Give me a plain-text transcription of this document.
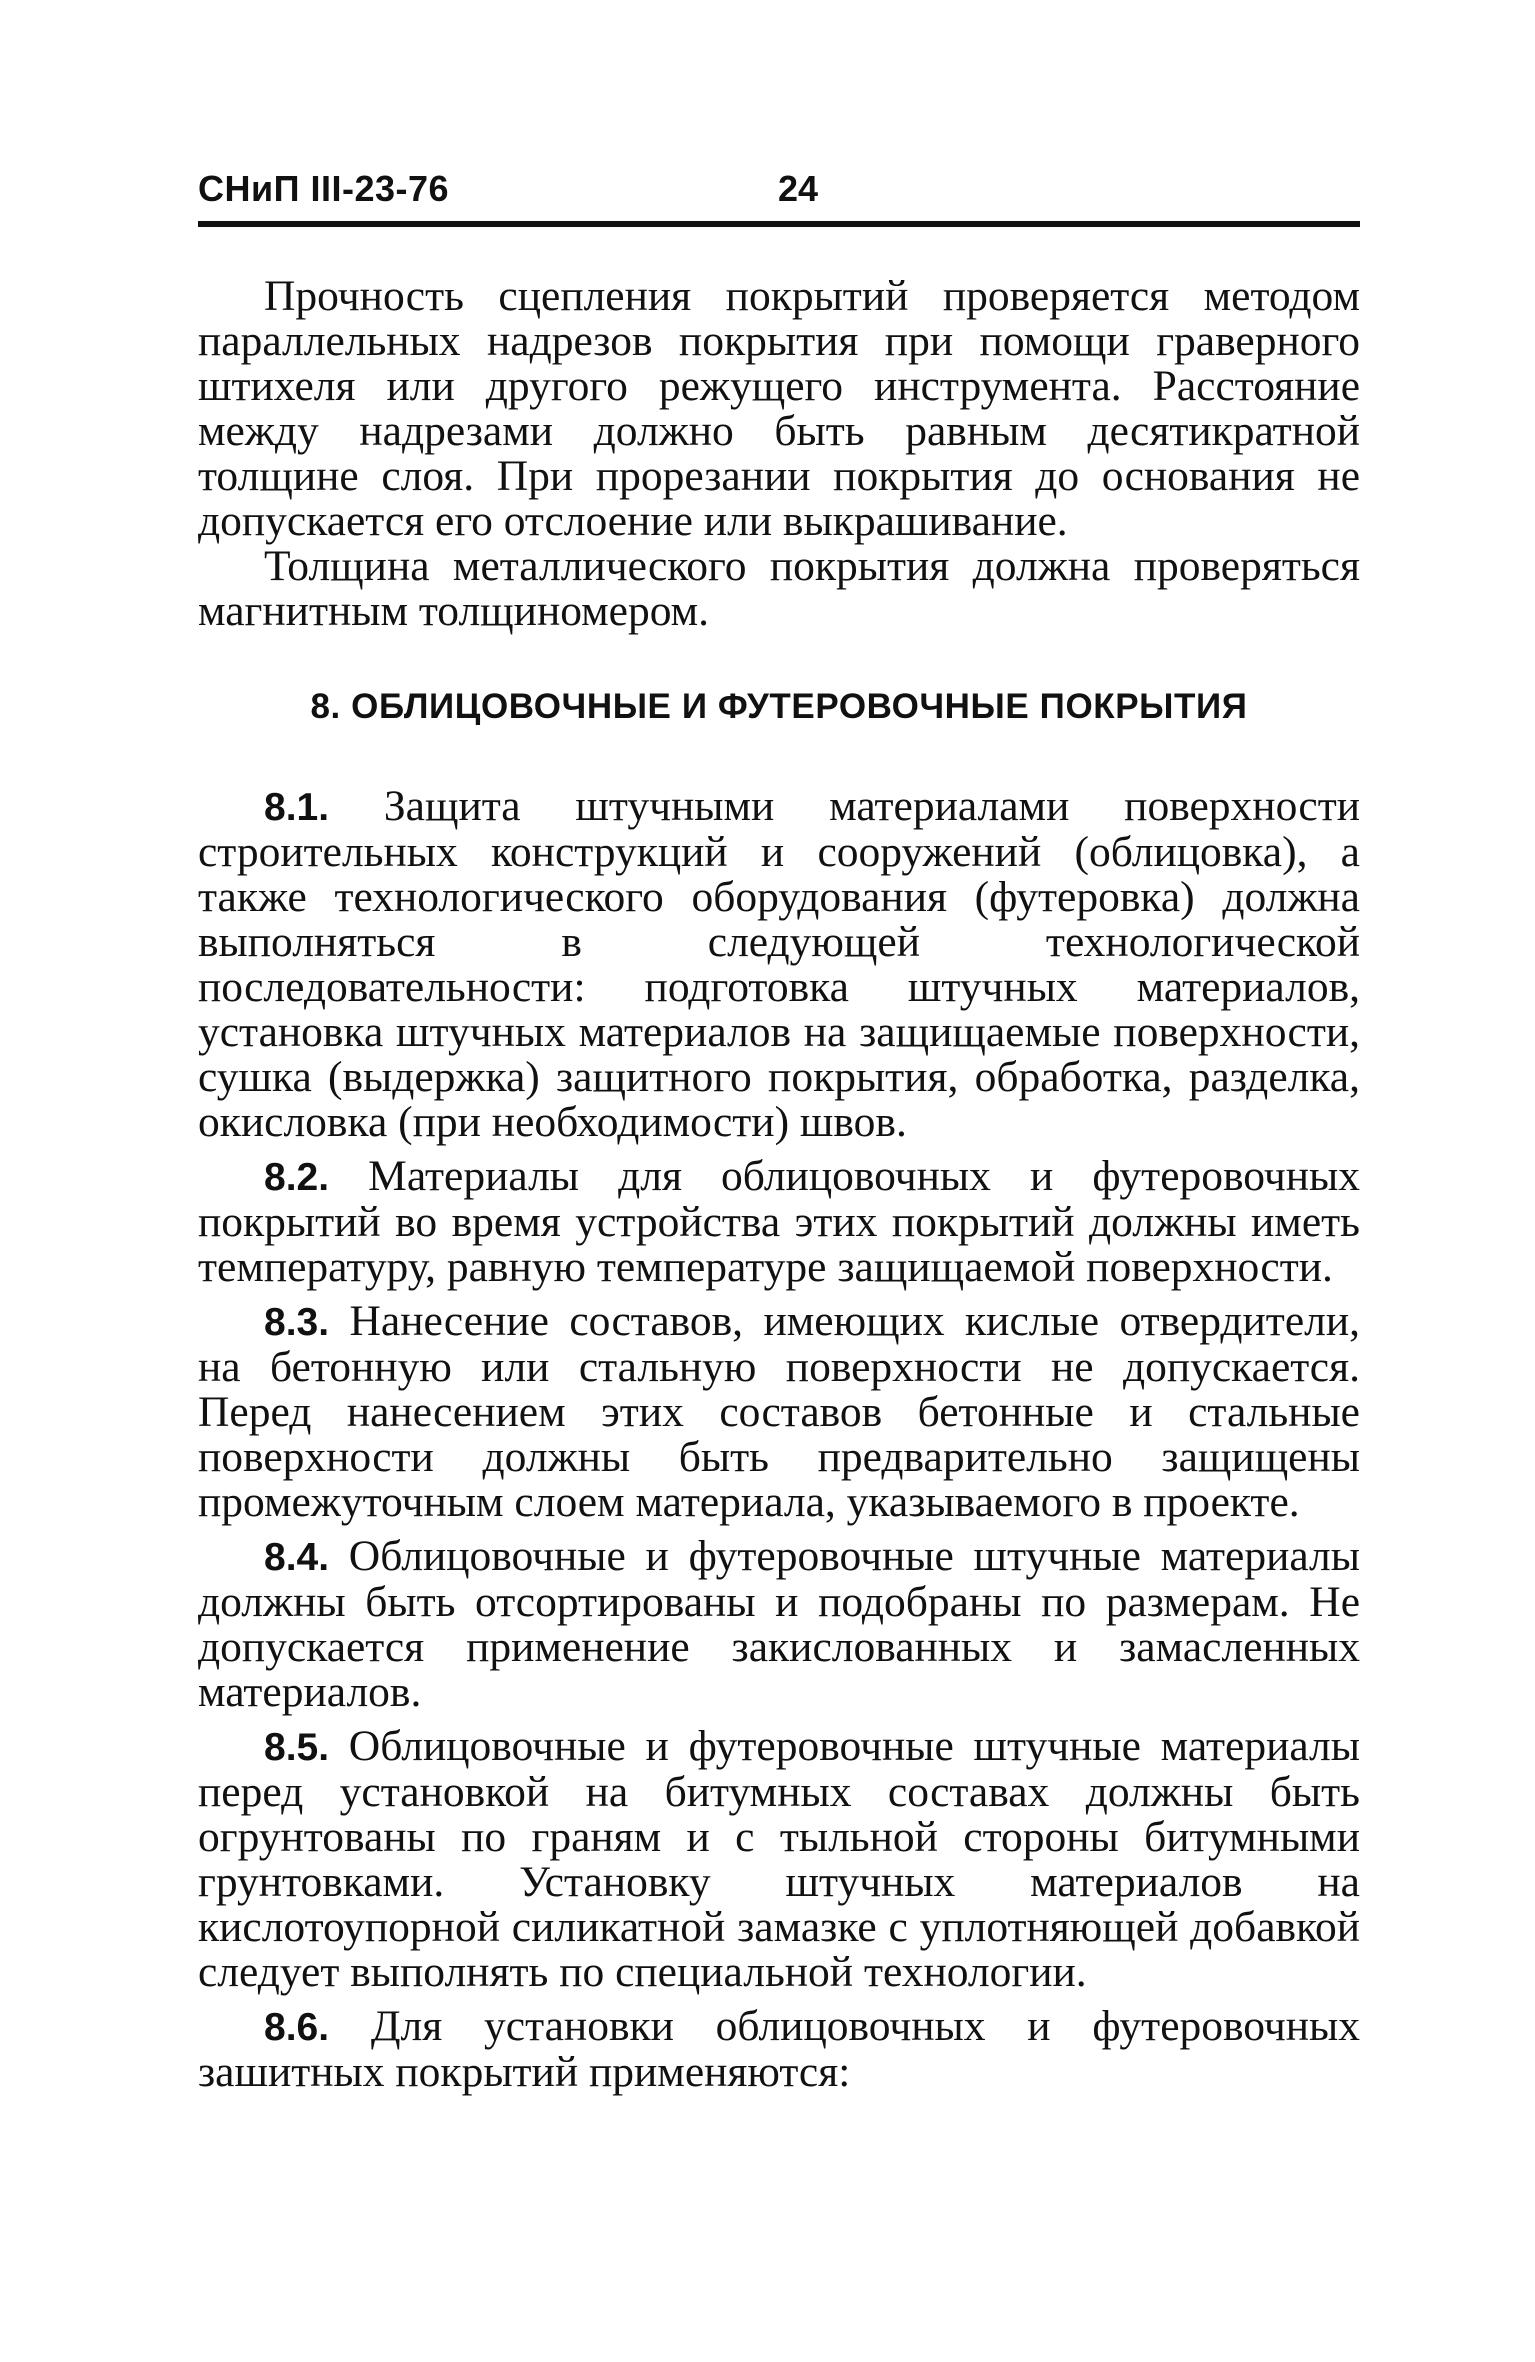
СНиП III-23-76	24

Прочность сцепления покрытий проверяется методом параллельных надрезов покрытия при помощи граверного штихеля или другого режущего инструмента. Расстояние между надрезами должно быть равным десятикратной толщине слоя. При прорезании покрытия до основания не допускается его отслоение или выкрашивание.

Толщина металлического покрытия должна проверяться магнитным толщиномером.

8. ОБЛИЦОВОЧНЫЕ И ФУТЕРОВОЧНЫЕ ПОКРЫТИЯ

8.1. Защита штучными материалами поверхности строительных конструкций и сооружений (облицовка), а также технологического оборудования (футеровка) должна выполняться в следующей технологической последовательности: подготовка штучных материалов, установка штучных материалов на защищаемые поверхности, сушка (выдержка) защитного покрытия, обработка, разделка, окисловка (при необходимости) швов.

8.2. Материалы для облицовочных и футеровочных покрытий во время устройства этих покрытий должны иметь температуру, равную температуре защищаемой поверхности.

8.3. Нанесение составов, имеющих кислые отвердители, на бетонную или стальную поверхности не допускается. Перед нанесением этих составов бетонные и стальные поверхности должны быть предварительно защищены промежуточным слоем материала, указываемого в проекте.

8.4. Облицовочные и футеровочные штучные материалы должны быть отсортированы и подобраны по размерам. Не допускается применение закислованных и замасленных материалов.

8.5. Облицовочные и футеровочные штучные материалы перед установкой на битумных составах должны быть огрунтованы по граням и с тыльной стороны битумными грунтовками. Установку штучных материалов на кислотоупорной силикатной замазке с уплотняющей добавкой следует выполнять по специальной технологии.

8.6. Для установки облицовочных и футеровочных зашитных покрытий применяются:
